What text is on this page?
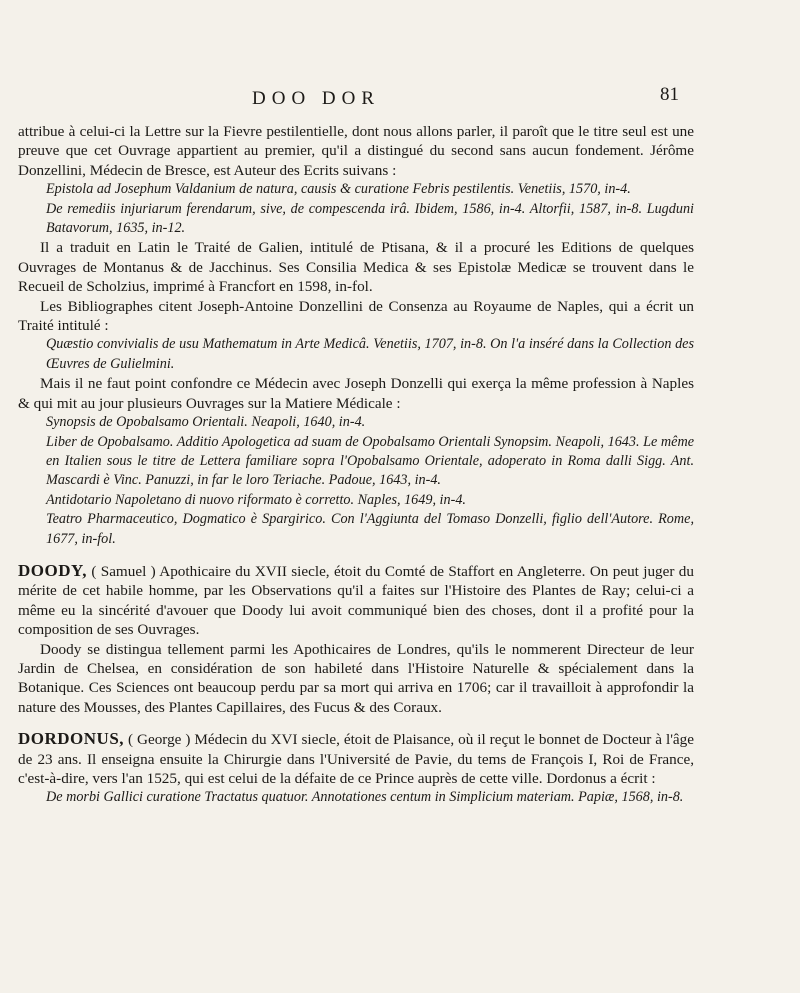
DOO DOR	81

attribue à celui-ci la Lettre sur la Fievre pestilentielle, dont nous allons parler, il paroît que le titre seul est une preuve que cet Ouvrage appartient au premier, qu'il a distingué du second sans aucun fondement. Jérôme Donzellini, Médecin de Bresce, est Auteur des Ecrits suivans :

Epistola ad Josephum Valdanium de natura, causis & curatione Febris pestilentis. Venetiis, 1570, in-4.

De remediis injuriarum ferendarum, sive, de compescenda irâ. Ibidem, 1586, in-4. Altorfii, 1587, in-8. Lugduni Batavorum, 1635, in-12.

Il a traduit en Latin le Traité de Galien, intitulé de Ptisana, & il a procuré les Editions de quelques Ouvrages de Montanus & de Jacchinus. Ses Consilia Medica & ses Epistolæ Medicæ se trouvent dans le Recueil de Scholzius, imprimé à Francfort en 1598, in-fol.

Les Bibliographes citent Joseph-Antoine Donzellini de Consenza au Royaume de Naples, qui a écrit un Traité intitulé :

Quæstio convivialis de usu Mathematum in Arte Medicâ. Venetiis, 1707, in-8. On l'a inséré dans la Collection des Œuvres de Gulielmini.

Mais il ne faut point confondre ce Médecin avec Joseph Donzelli qui exerça la même profession à Naples & qui mit au jour plusieurs Ouvrages sur la Matiere Médicale :

Synopsis de Opobalsamo Orientali. Neapoli, 1640, in-4.

Liber de Opobalsamo. Additio Apologetica ad suam de Opobalsamo Orientali Synopsim. Neapoli, 1643. Le même en Italien sous le titre de Lettera familiare sopra l'Opobalsamo Orientale, adoperato in Roma dalli Sigg. Ant. Mascardi è Vinc. Panuzzi, in far le loro Teriache. Padoue, 1643, in-4.

Antidotario Napoletano di nuovo riformato è corretto. Naples, 1649, in-4.

Teatro Pharmaceutico, Dogmatico è Spargirico. Con l'Aggiunta del Tomaso Donzelli, figlio dell'Autore. Rome, 1677, in-fol.

DOODY, ( Samuel ) Apothicaire du XVII siecle, étoit du Comté de Staffort en Angleterre. On peut juger du mérite de cet habile homme, par les Observations qu'il a faites sur l'Histoire des Plantes de Ray; celui-ci a même eu la sincérité d'avouer que Doody lui avoit communiqué bien des choses, dont il a profité pour la composition de ses Ouvrages.

Doody se distingua tellement parmi les Apothicaires de Londres, qu'ils le nommerent Directeur de leur Jardin de Chelsea, en considération de son habileté dans l'Histoire Naturelle & spécialement dans la Botanique. Ces Sciences ont beaucoup perdu par sa mort qui arriva en 1706; car il travailloit à approfondir la nature des Mousses, des Plantes Capillaires, des Fucus & des Coraux.

DORDONUS, ( George ) Médecin du XVI siecle, étoit de Plaisance, où il reçut le bonnet de Docteur à l'âge de 23 ans. Il enseigna ensuite la Chirurgie dans l'Université de Pavie, du tems de François I, Roi de France, c'est-à-dire, vers l'an 1525, qui est celui de la défaite de ce Prince auprès de cette ville. Dordonus a écrit :

De morbi Gallici curatione Tractatus quatuor. Annotationes centum in Simplicium materiam. Papiæ, 1568, in-8.
